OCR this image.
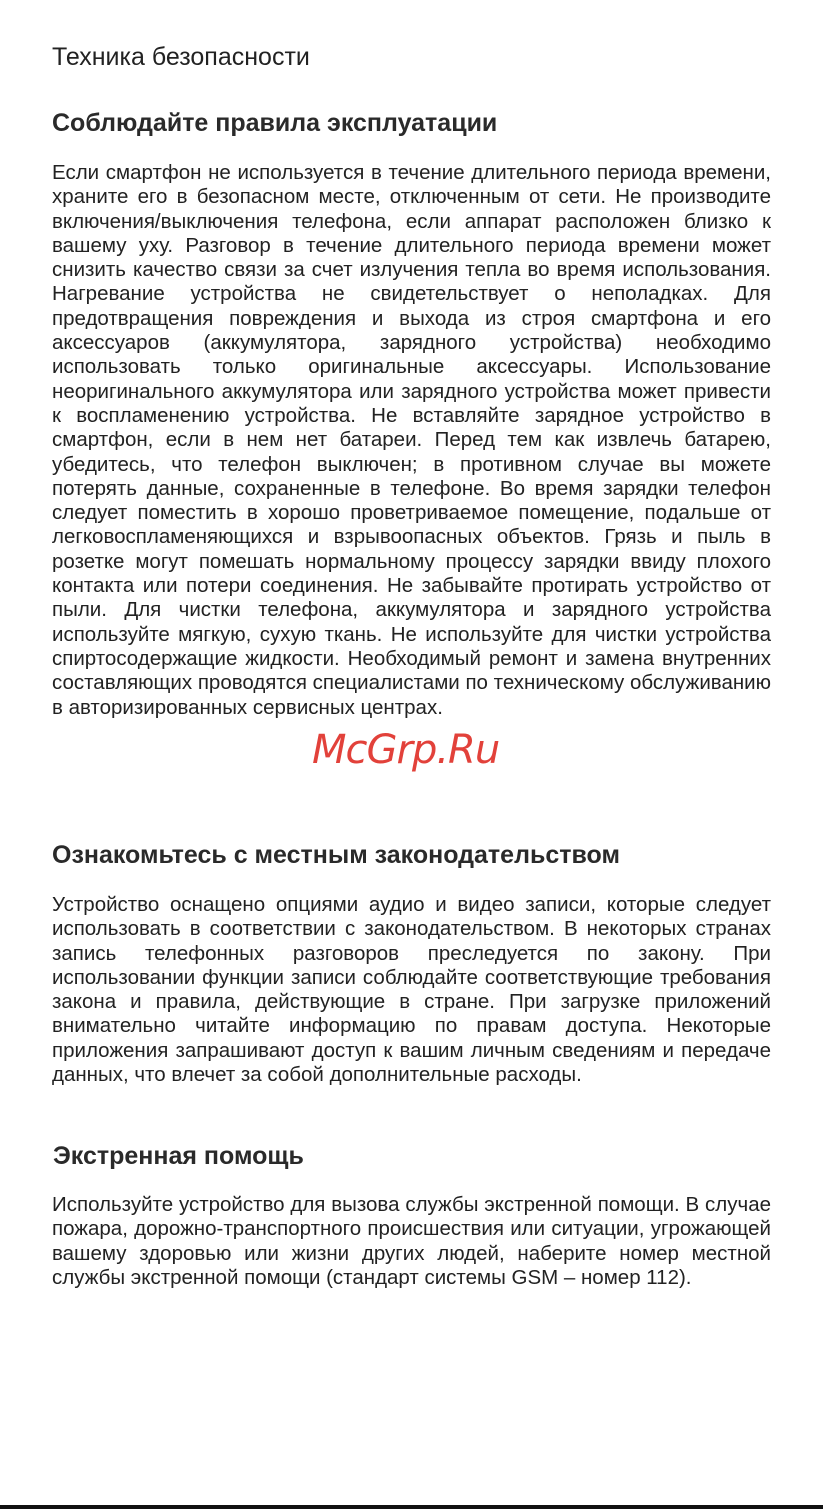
Техника безопасности
Соблюдайте правила эксплуатации

Если смартфон не используется в течение длительного периода времени, храните его в безопасном месте, отключенным от сети. Не производите включения/выключения телефона, если аппарат расположен близко к вашему уху. Разговор в течение длительного периода времени может снизить качество связи за счет излучения тепла во время использования. Нагревание устройства не свидетельствует о неполадках. Для предотвращения повреждения и выхода из строя смартфона и его аксессуаров (аккумулятора, зарядного устройства) необходимо использовать только оригинальные аксессуары. Использование неоригинального аккумулятора или зарядного устройства может привести к воспламенению устройства. Не вставляйте зарядное устройство в смартфон, если в нем нет батареи. Перед тем как извлечь батарею, убедитесь, что телефон выключен; в противном случае вы можете потерять данные, сохраненные в телефоне. Во время зарядки телефон следует поместить в хорошо проветриваемое помещение, подальше от легковоспламеняющихся и взрывоопасных объектов. Грязь и пыль в розетке могут помешать нормальному процессу зарядки ввиду плохого контакта или потери соединения. Не забывайте протирать устройство от пыли. Для чистки телефона, аккумулятора и зарядного устройства используйте мягкую, сухую ткань. Не используйте для чистки устройства спиртосодержащие жидкости. Необходимый ремонт и замена внутренних составляющих проводятся специалистами по техническому обслуживанию в авторизированных сервисных центрах.

Ознакомьтесь с местным законодательством

Устройство оснащено опциями аудио и видео записи, которые следует использовать в соответствии с законодательством. В некоторых странах запись телефонных разговоров преследуется по закону. При использовании функции записи соблюдайте соответствующие требования закона и правила, действующие в стране. При загрузке приложений внимательно читайте информацию по правам доступа. Некоторые приложения запрашивают доступ к вашим личным сведениям и передаче данных, что влечет за собой дополнительные расходы.

Экстренная помощь

Используйте устройство для вызова службы экстренной помощи. В случае пожара, дорожно-транспортного происшествия или ситуации, угрожающей вашему здоровью или жизни других людей, наберите номер местной службы экстренной помощи (стандарт системы GSM – номер 112).

McGrp.Ru
